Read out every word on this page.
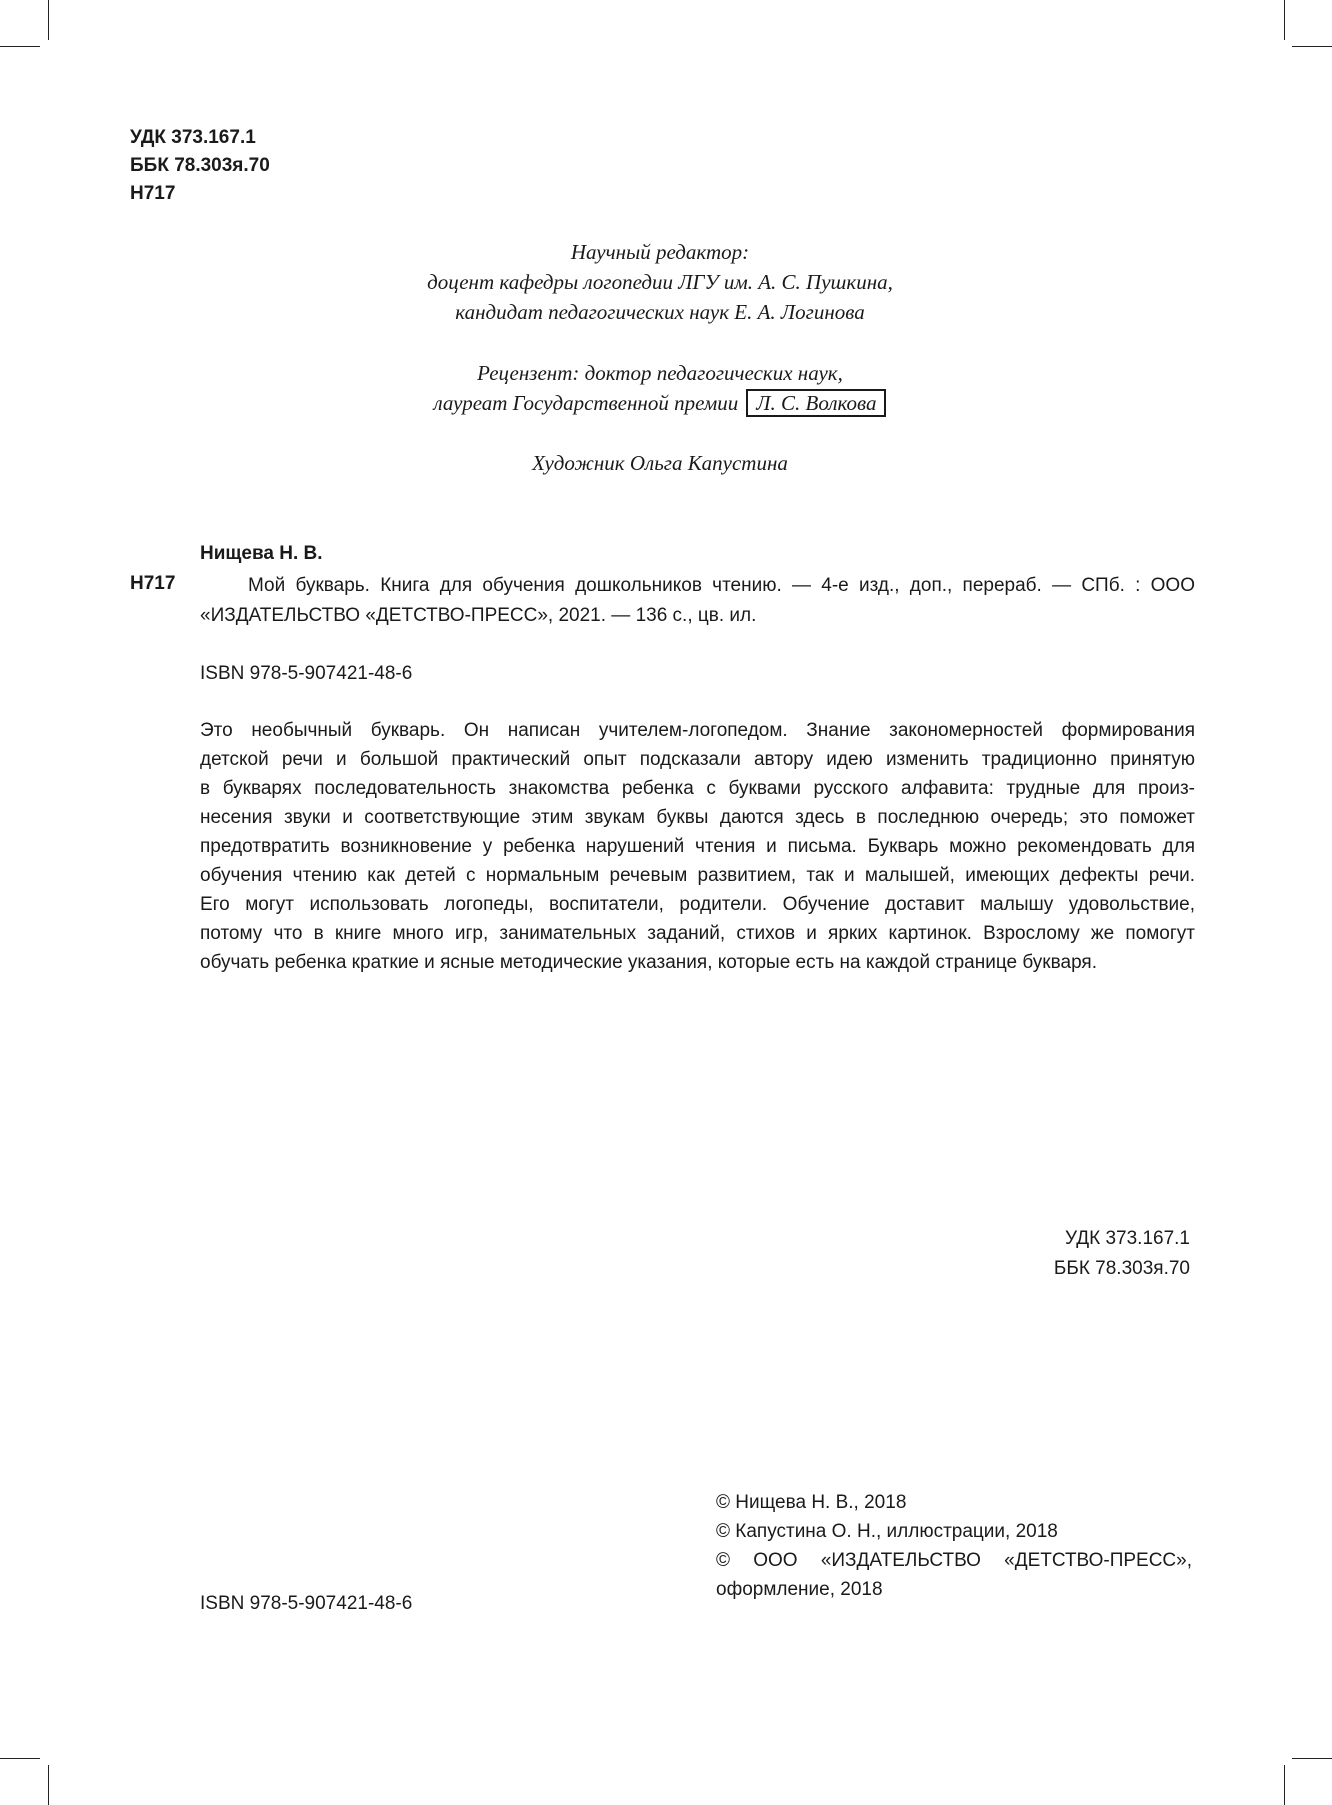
УДК 373.167.1
ББК 78.303я.70
Н717
Научный редактор:
доцент кафедры логопедии ЛГУ им. А. С. Пушкина,
кандидат педагогических наук Е. А. Логинова
Рецензент: доктор педагогических наук,
лауреат Государственной премии Л. С. Волкова
Художник Ольга Капустина
Нищева Н. В.
Н717	Мой букварь. Книга для обучения дошкольников чтению. — 4-е изд., доп., перераб. — СПб. : ООО
«ИЗДАТЕЛЬСТВО «ДЕТСТВО-ПРЕСС», 2021. — 136 с., цв. ил.
ISBN 978-5-907421-48-6
Это необычный букварь. Он написан учителем-логопедом. Знание закономерностей формирования
детской речи и большой практический опыт подсказали автору идею изменить традиционно принятую
в букварях последовательность знакомства ребенка с буквами русского алфавита: трудные для произ-
несения звуки и соответствующие этим звукам буквы даются здесь в последнюю очередь; это поможет
предотвратить возникновение у ребенка нарушений чтения и письма. Букварь можно рекомендовать для
обучения чтению как детей с нормальным речевым развитием, так и малышей, имеющих дефекты речи.
Его могут использовать логопеды, воспитатели, родители. Обучение доставит малышу удовольствие,
потому что в книге много игр, занимательных заданий, стихов и ярких картинок. Взрослому же помогут
обучать ребенка краткие и ясные методические указания, которые есть на каждой странице букваря.
УДК 373.167.1
ББК 78.303я.70
© Нищева Н. В., 2018
© Капустина О. Н., иллюстрации, 2018
© ООО «ИЗДАТЕЛЬСТВО «ДЕТСТВО-ПРЕСС»,
оформление, 2018
ISBN 978-5-907421-48-6
